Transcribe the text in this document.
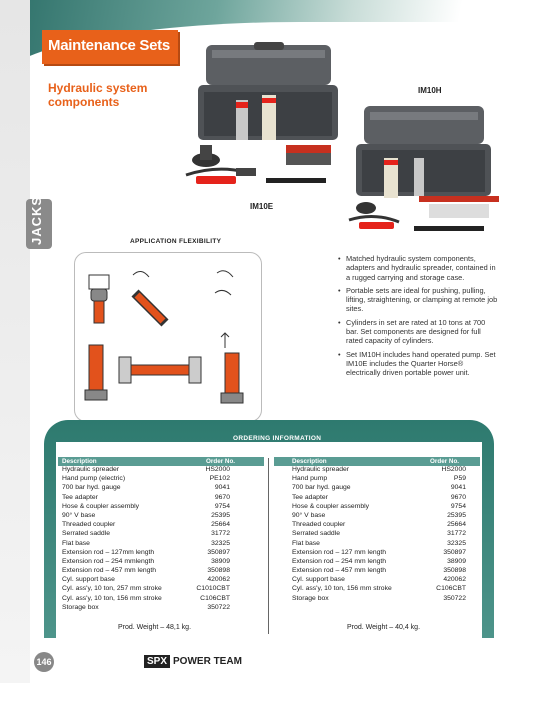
JACKS
Maintenance Sets
Hydraulic system components
IM10H
IM10E
APPLICATION FLEXIBILITY
• Matched hydraulic system components, adapters and hydraulic spreader, contained in a rugged carrying and storage case.
• Portable sets are ideal for pushing, pulling, lifting, straightening, or clamping at remote job sites.
• Cylinders in set are rated at 10 tons at 700 bar. Set components are designed for full rated capacity of cylinders.
• Set IM10H includes hand operated pump. Set IM10E includes the Quarter Horse® electrically driven portable power unit.
ORDERING INFORMATION
CONTENTS OF SET NO. IM10E	CONTENTS OF SET NO. IM10H
Description	Order No.
Hydraulic spreader	HS2000
Hand pump (electric)	PE102
700 bar hyd. gauge	9041
Tee adapter	9670
Hose & coupler assembly	9754
90° V base	25395
Threaded coupler	25664
Serrated saddle	31772
Flat base	32325
Extension rod – 127mm length	350897
Extension rod – 254 mmlength	38909
Extension rod – 457 mm length	350898
Cyl. support base	420062
Cyl. ass'y, 10 ton, 257 mm stroke	C1010CBT
Cyl. ass'y, 10 ton, 156 mm stroke	C106CBT
Storage box	350722
Description	Order No.
Hydraulic spreader	HS2000
Hand pump	P59
700 bar hyd. gauge	9041
Tee adapter	9670
Hose & coupler assembly	9754
90° V base	25395
Threaded coupler	25664
Serrated saddle	31772
Flat base	32325
Extension rod – 127 mm length	350897
Extension rod – 254 mm length	38909
Extension rod – 457 mm length	350898
Cyl. support base	420062
Cyl. ass'y, 10 ton, 156 mm stroke	C106CBT
Storage box	350722
Prod. Weight – 48,1 kg.	Prod. Weight – 40,4 kg.
146	SPX POWER TEAM
